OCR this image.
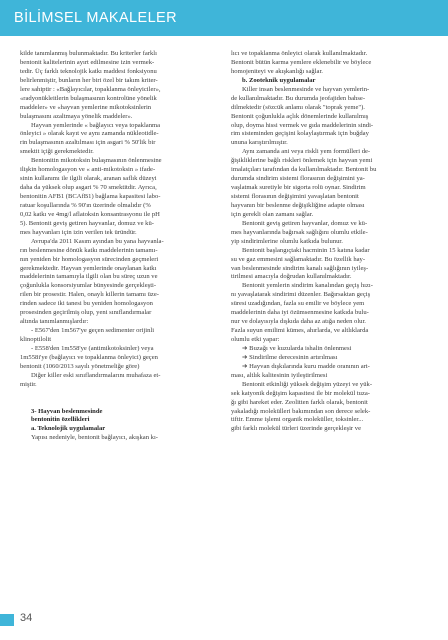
BİLİMSEL MAKALELER
kilde tanımlanmış bulunmaktadır. Bu kriterler farklı
bentonit kalitelerinin ayırt edilmesine izin vermek-
tedir. Üç farklı teknolojik katkı maddesi fonksiyonu
belirlenmiştir, bunların her biri özel bir takım kriter-
lere sahiptir : «Bağlayıcılar, topaklanma önleyiciler»,
«radyonükleitlerin bulaşmasının kontrolüne yönelik
maddeler» ve «hayvan yemlerine mikotoksinlerin
bulaşmasını azaltmaya yönelik maddeler».
Hayvan yemlerinde « bağlayıcı veya topaklanma
önleyici » olarak kayıt ve aynı zamanda nükleotidle-
rin bulaşmasının azaltılması için asgari % 50'lik bir
smektit içiği gerekmektedir.
Bentonitin mikotoksin bulaşmasının önlenmesine
ilişkin homologasyon ve « anti-mikotoksin » ifade-
sinin kullanımı ile ilgili olarak, aranan saflık düzeyi
daha da yüksek olup asgari % 70 smektitdir. Ayrıca,
bentonitin AFB1 (BCAfB1) bağlama kapasitesi labo-
ratuar koşullarında % 90'ın üzerinde olmalıdır (%
0,02 katkı ve 4mg/l aflatoksin konsantrasyonu ile pH
5). Bentonit geviş getiren hayvanlar, domuz ve kü-
mes hayvanları için izin verilen tek üründür.
Avrupa'da 2011 Kasım ayından bu yana hayvanla-
rın beslenmesine dönük katkı maddelerinin tamamı-
nın yeniden bir homologasyon sürecinden geçmeleri
gerekmektedir. Hayvan yemlerinde onaylanan katkı
maddelerinin tamamıyla ilgili olan bu süreç uzun ve
çoğunlukla konsorsiyumlar bünyesinde gerçekleşti-
rilen bir prosestir. Halen, onaylı killerin tamamı üze-
rinden sadece iki tanesi bu yeniden homologasyon
prosesinden geçirilmiş olup, yeni sınıflandırmalar
altında tanımlanmışlardır:
- E567'den 1m567'ye geçen sedimenter orijinli
klinoptilolit
- E558'den 1m558'ye (antimikotoksinler) veya
1m558i'ye (bağlayıcı ve topaklanma önleyici) geçen
bentonit (1060/2013 sayılı yönetmeliğe göre)
Diğer killer eski sınıflandırmalarını muhafaza et-
miştir.
3- Hayvan beslenmesinde
bentonitin özellikleri
a. Teknolojik uygulamalar
Yapısı nedeniyle, bentonit bağlayıcı, akışkan kı-
lıcı ve topaklanma önleyici olarak kullanılmaktadır.
Bentonit bütün karma yemlere eklenebilir ve böylece
homojeniteyi ve akışkanlığı sağlar.
b. Zooteknik uygulamalar
Killer insan beslenmesinde ve hayvan yemlerin-
de kullanılmaktadır. Bu durumda jeofajiden bahse-
dilmektedir (sözcük anlamı olarak "toprak yeme").
Bentonit çoğunlukla açlık dönemlerinde kullanılmış
olup, doyma hissi vermek ve gıda maddelerinin sindi-
rim sisteminden geçişini kolaylaştırmak için buğday
ununa karıştırılmıştır.
Aynı zamanda ani veya riskli yem formülleri de-
ğişikliklerine bağlı riskleri önlemek için hayvan yemi
imalatçıları tarafından da kullanılmaktadır. Bentonit bu
durumda sindirim sistemi florasının değişimini ya-
vaşlatmak suretiyle bir sigorta rolü oynar. Sindirim
sistemi florasının değişimini yavaşlatan bentonit
hayvanın bir beslenme değişikliğine adapte olması
için gerekli olan zamanı sağlar.
Bentonit geviş getiren hayvanlar, domuz ve kü-
mes hayvanlarında bağırsak sağlığını olumlu etkile-
yip sindirimlerine olumlu katkıda bulunur.
Bentonit başlangıçtaki hacminin 15 katına kadar
su ve gaz emmesini sağlamaktadır. Bu özellik hay-
van beslenmesinde sindirim kanalı sağlığının iyileş-
tirilmesi amacıyla doğrudan kullanılmaktadır.
Bentonit yemlerin sindirim kanalından geçiş hızı-
nı yavaşlatarak sindirimi düzenler. Bağırsaktan geçiş
süresi uzadığından, fazla su emilir ve böylece yem
maddelerinin daha iyi özümsenmesine katkıda bulu-
nur ve dolayısıyla dışkıda daha az atığa neden olur.
Fazla suyun emilimi kümes, ahırlarda, ve altlıklarda
olumlu etki yapar:
➔ Buzağı ve kuzularda ishalin önlenmesi
➔ Sindirilme derecesinin artırılması
➔ Hayvan dışkılarında kuru madde oranının art-
ması, altlık kalitesinin iyileştirilmesi
Bentonit etkinliği yüksek değişim yüzeyi ve yük-
sek katyonik değişim kapasitesi ile bir molekül tuza-
ğı gibi hareket eder. Zeolitten farklı olarak, bentonit
yakaladığı molekülleri bakımından son derece selek-
tiftir. Emme işlemi organik moleküller, toksinler...
gibi farklı molekül türleri üzerinde gerçekleşir ve
34
